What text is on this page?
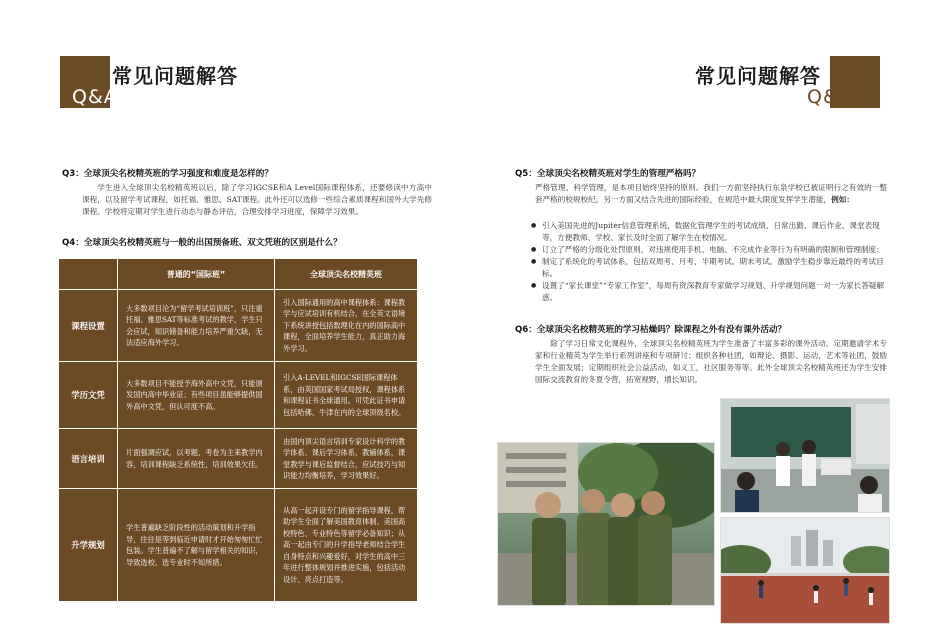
Q&A
常见问题解答
Q3：全球顶尖名校精英班的学习强度和难度是怎样的？
学生进入全球顶尖名校精英班以后，除了学习IGCSE和A Level国际课程体系，还要修读中方高中课程，以及留学考试课程，如托福、雅思、SAT课程。此外还可以选修一些综合素质课程和国外大学先修课程。学校将定期对学生进行动态与静态评估，合理安排学习进度，保障学习效果。
Q4：全球顶尖名校精英班与一般的出国预备班、双文凭班的区别是什么？
普通的“国际班”	全球顶尖名校精英班
课程设置
大多数项目沦为“留学考试培训班”，只注重托福、雅思SAT等标准考试的教学，学生只会应试，知识储备和能力培养严重欠缺，无法适应海外学习。
引入国际通用的高中课程体系：课程教学与应试培训有机结合，在全英文语境下系统讲授包括数理化在内的国际高中课程，全面培养学生能力，真正助力海外学习。
学历文凭
大多数项目不能授予海外高中文凭，只能颁发国内高中毕业证；有些项目虽能够提供国外高中文凭，但认可度不高。
引入A-LEVEL和IGCSE国际课程体系，由英国国家考试局授权，课程体系和课程证书全球通用。可凭此证书申请包括哈佛、牛津在内的全球顶级名校。
语言培训
片面强调应试，以考题、考卷为主来教学内容，培训课程缺乏系统性，培训效果欠佳。
由国内顶尖语言培训专家设计科学的教学体系、课后学习体系、教辅体系，课堂教学与课后监督结合，应试技巧与知识能力均衡培养，学习效果好。
升学规划
学生普遍缺乏阶段性的活动策划和升学指导，往往是等到临近申请时才开始匆匆忙忙包装。学生普遍不了解与留学相关的知识，导致选校、选专业时不知所措。
从高一起开设专门的留学指导课程，帮助学生全面了解美国教育体制、美国高校特色、专业特色等留学必备知识；从高一起由专门的升学指导老师结合学生自身特点和兴趣爱好，对学生的高中三年进行整体规划并推进实施，包括活动设计、亮点打造等。
常见问题解答
Q&A
Q5：全球顶尖名校精英班对学生的管理严格吗？
严格管理、科学管理，是本项目始终坚持的原则。我们一方面坚持执行东泉学校已被证明行之有效的一整套严格的校规校纪，另一方面又结合先进的国际经验，在规范中最大限度发挥学生潜能，例如：
● 引入美国先进的Jupiter信息管理系统，数据化管理学生的考试成绩、日常出勤、课后作业、课堂表现等，方便教师、学校、家长及时全面了解学生在校情况。
● 订立了严格的分级化处罚原则，对违规使用手机、电脑、不完成作业等行为有明确的限制和管理制度；
● 制定了系统化的考试体系，包括双周考、月考、半期考试、期末考试。激励学生稳步靠近最终的考试目标。
● 设置了“家长课堂”“专家工作室”，每周有资深教育专家做学习规划、升学规划问题一对一为家长答疑解惑。
Q6：全球顶尖名校精英班的学习枯燥吗？除课程之外有没有课外活动？
除了学习日常文化课程外，全球顶尖名校精英班为学生准备了丰富多彩的课外活动。定期邀请学术专家和行业精英为学生举行系列讲座和专项研讨；组织各种社团，如辩论、摄影、运动、艺术等社团，鼓励学生全面发展；定期组织社会公益活动，如义工，社区服务等等。此外全球顶尖名校精英班还为学生安排国际交流教育的冬夏令营，拓宽视野，增长知识。
